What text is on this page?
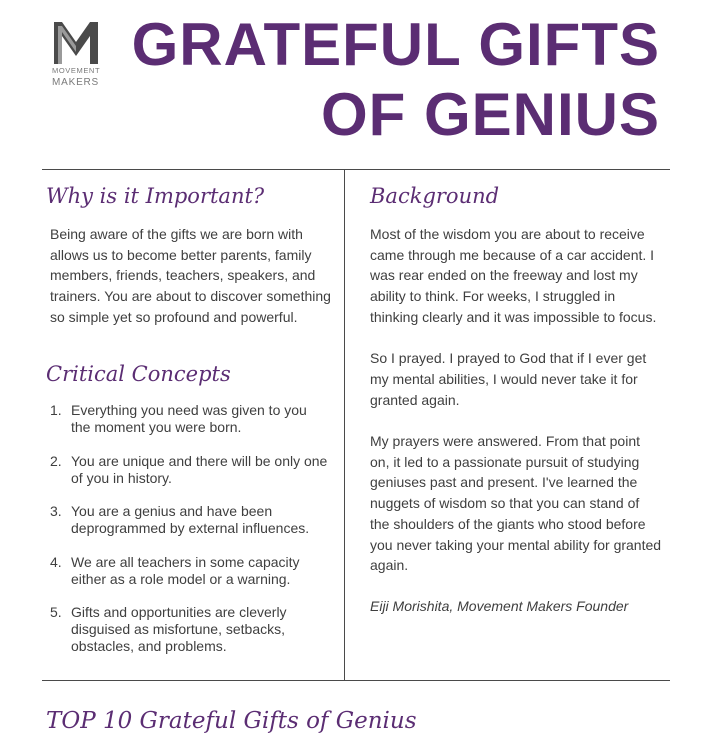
MOVEMENT
MAKERS
GRATEFUL GIFTS
OF GENIUS
Why is it Important?

Being aware of the gifts we are born with allows us to become better parents, family members, friends, teachers, speakers, and trainers. You are about to discover something so simple yet so profound and powerful.

Critical Concepts
1. Everything you need was given to you the moment you were born.
2. You are unique and there will be only one of you in history.
3. You are a genius and have been deprogrammed by external influences.
4. We are all teachers in some capacity either as a role model or a warning.
5. Gifts and opportunities are cleverly disguised as misfortune, setbacks, obstacles, and problems.
Background

Most of the wisdom you are about to receive came through me because of a car accident. I was rear ended on the freeway and lost my ability to think. For weeks, I struggled in thinking clearly and it was impossible to focus.

So I prayed. I prayed to God that if I ever get my mental abilities, I would never take it for granted again.

My prayers were answered. From that point on, it led to a passionate pursuit of studying geniuses past and present. I've learned the nuggets of wisdom so that you can stand of the shoulders of the giants who stood before you never taking your mental ability for granted again.

Eiji Morishita, Movement Makers Founder

TOP 10 Grateful Gifts of Genius
